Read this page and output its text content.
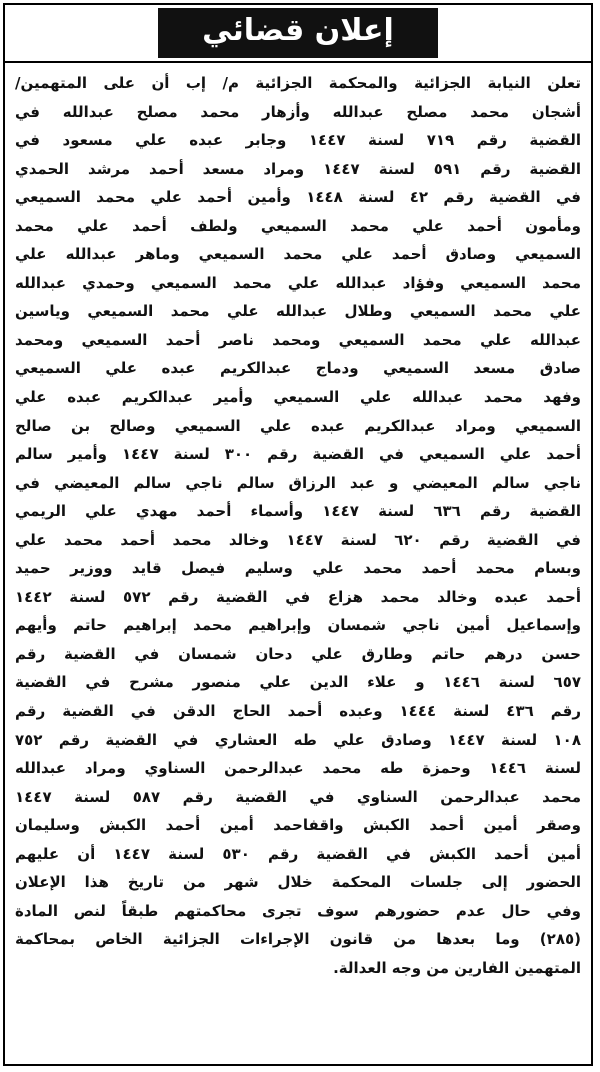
إعلان قضائي
تعلن النيابة الجزائية والمحكمة الجزائية م/ إب أن على المتهمين/
أشجان محمد مصلح عبدالله وأزهار محمد مصلح عبدالله في
القضية رقم ٧١٩ لسنة ١٤٤٧ وجابر عبده علي مسعود في
القضية رقم ٥٩١ لسنة ١٤٤٧ ومراد مسعد أحمد مرشد الحمدي
في القضية رقم ٤٢ لسنة ١٤٤٨ وأمين أحمد علي محمد السميعي
ومأمون أحمد علي محمد السميعي ولطف أحمد علي محمد
السميعي وصادق أحمد علي محمد السميعي وماهر عبدالله علي
محمد السميعي وفؤاد عبدالله علي محمد السميعي وحمدي عبدالله
علي محمد السميعي وطلال عبدالله علي محمد السميعي وياسين
عبدالله علي محمد السميعي ومحمد ناصر أحمد السميعي ومحمد
صادق مسعد السميعي ودماج عبدالكريم عبده علي السميعي
وفهد محمد عبدالله علي السميعي وأمير عبدالكريم عبده علي
السميعي ومراد عبدالكريم عبده علي السميعي وصالح بن صالح
أحمد علي السميعي في القضية رقم ٣٠٠ لسنة ١٤٤٧ وأمير سالم
ناجي سالم المعيضي و عبد الرزاق سالم ناجي سالم المعيضي في
القضية رقم ٦٣٦ لسنة ١٤٤٧ وأسماء أحمد مهدي علي الريمي
في القضية رقم ٦٢٠ لسنة ١٤٤٧ وخالد محمد أحمد محمد علي
وبسام محمد أحمد محمد علي وسليم فيصل قايد ووزير حميد
أحمد عبده وخالد محمد هزاع في القضية رقم ٥٧٢ لسنة ١٤٤٢
وإسماعيل أمين ناجي شمسان وإبراهيم محمد إبراهيم حاتم وأيهم
حسن درهم حاتم وطارق علي دحان شمسان في القضية رقم
٦٥٧ لسنة ١٤٤٦ و علاء الدين علي منصور مشرح في القضية
رقم ٤٣٦ لسنة ١٤٤٤ وعبده أحمد الحاج الدقن في القضية رقم
١٠٨ لسنة ١٤٤٧ وصادق علي طه العشاري في القضية رقم ٧٥٢
لسنة ١٤٤٦ وحمزة طه محمد عبدالرحمن السناوي ومراد عبدالله
محمد عبدالرحمن السناوي في القضية رقم ٥٨٧ لسنة ١٤٤٧
وصقر أمين أحمد الكبش واقفاحمد أمين أحمد الكبش وسليمان
أمين أحمد الكبش في القضية رقم ٥٣٠ لسنة ١٤٤٧ أن عليهم
الحضور إلى جلسات المحكمة خلال شهر من تاريخ هذا الإعلان
وفي حال عدم حضورهم سوف تجرى محاكمتهم طبقاً لنص المادة
(٢٨٥) وما بعدها من قانون الإجراءات الجزائية الخاص بمحاكمة
المتهمين الفارين من وجه العدالة.
